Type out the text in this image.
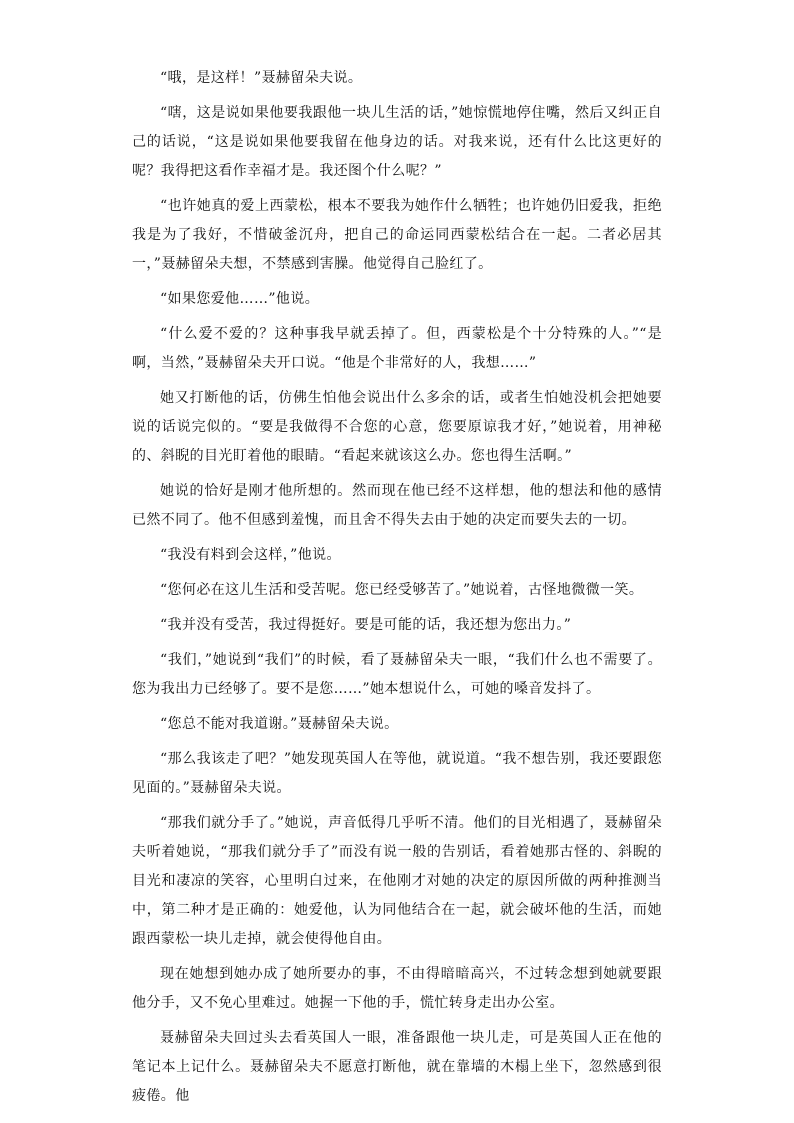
“哦，是这样！”聂赫留朵夫说。

“嗐，这是说如果他要我跟他一块儿生活的话，”她惊慌地停住嘴，然后又纠正自己的话说，“这是说如果他要我留在他身边的话。对我来说，还有什么比这更好的呢？我得把这看作幸福才是。我还图个什么呢？”

“也许她真的爱上西蒙松，根本不要我为她作什么牺牲；也许她仍旧爱我，拒绝我是为了我好，不惜破釜沉舟，把自己的命运同西蒙松结合在一起。二者必居其一，”聂赫留朵夫想，不禁感到害臊。他觉得自己脸红了。

“如果您爱他……”他说。

“什么爱不爱的？这种事我早就丢掉了。但，西蒙松是个十分特殊的人。”“是啊，当然，”聂赫留朵夫开口说。“他是个非常好的人，我想……”

她又打断他的话，仿佛生怕他会说出什么多余的话，或者生怕她没机会把她要说的话说完似的。“要是我做得不合您的心意，您要原谅我才好，”她说着，用神秘的、斜睨的目光盯着他的眼睛。“看起来就该这么办。您也得生活啊。”

她说的恰好是刚才他所想的。然而现在他已经不这样想，他的想法和他的感情已然不同了。他不但感到羞愧，而且舍不得失去由于她的决定而要失去的一切。

“我没有料到会这样，”他说。

“您何必在这儿生活和受苦呢。您已经受够苦了。”她说着，古怪地微微一笑。

“我并没有受苦，我过得挺好。要是可能的话，我还想为您出力。”

“我们，”她说到“我们”的时候，看了聂赫留朵夫一眼，“我们什么也不需要了。您为我出力已经够了。要不是您……”她本想说什么，可她的嗓音发抖了。

“您总不能对我道谢。”聂赫留朵夫说。

“那么我该走了吧？”她发现英国人在等他，就说道。“我不想告别，我还要跟您见面的。”聂赫留朵夫说。

“那我们就分手了。”她说，声音低得几乎听不清。他们的目光相遇了，聂赫留朵夫听着她说，“那我们就分手了”而没有说一般的告别话，看着她那古怪的、斜睨的目光和凄凉的笑容，心里明白过来，在他刚才对她的决定的原因所做的两种推测当中，第二种才是正确的：她爱他，认为同他结合在一起，就会破坏他的生活，而她跟西蒙松一块儿走掉，就会使得他自由。

现在她想到她办成了她所要办的事，不由得暗暗高兴，不过转念想到她就要跟他分手，又不免心里难过。她握一下他的手，慌忙转身走出办公室。

聂赫留朵夫回过头去看英国人一眼，准备跟他一块儿走，可是英国人正在他的笔记本上记什么。聂赫留朵夫不愿意打断他，就在靠墙的木榻上坐下，忽然感到很疲倦。他
